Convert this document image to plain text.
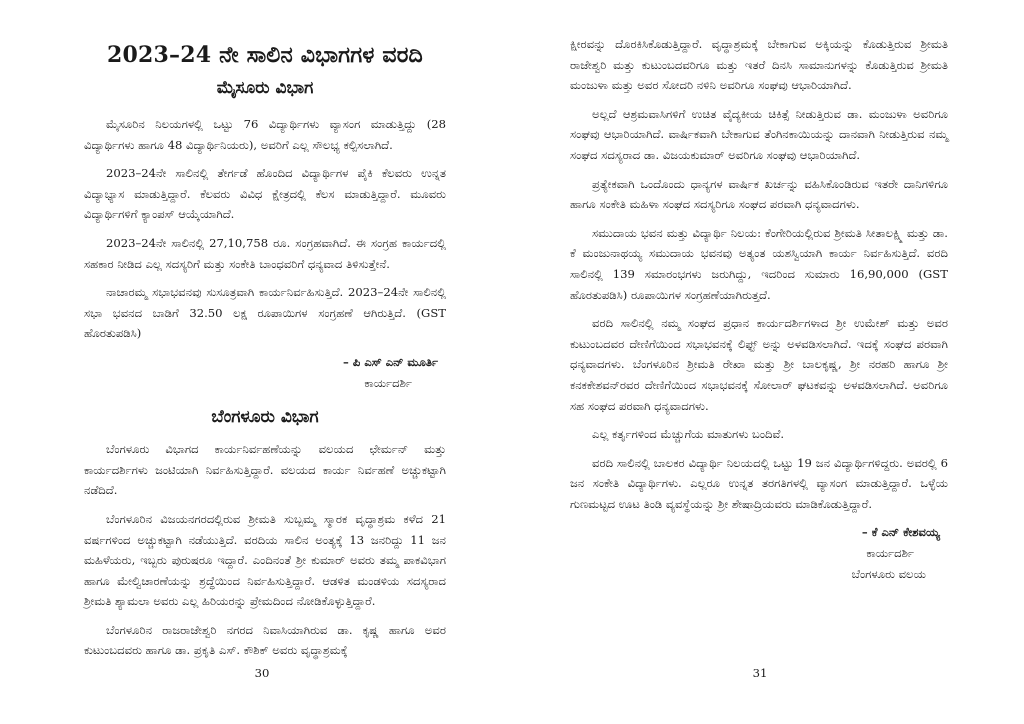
2023–24 ನೇ ಸಾಲಿನ ವಿಭಾಗಗಳ ವರದಿ
ಮೈಸೂರು ವಿಭಾಗ

ಮೈಸೂರಿನ ನಿಲಯಗಳಲ್ಲಿ ಒಟ್ಟು 76 ವಿದ್ಯಾರ್ಥಿಗಳು ವ್ಯಾಸಂಗ ಮಾಡುತ್ತಿದ್ದು (28 ವಿದ್ಯಾರ್ಥಿಗಳು ಹಾಗೂ 48 ವಿದ್ಯಾರ್ಥಿನಿಯರು), ಅವರಿಗೆ ಎಲ್ಲ ಸೌಲಭ್ಯ ಕಲ್ಪಿಸಲಾಗಿದೆ.

2023–24ನೇ ಸಾಲಿನಲ್ಲಿ ತೇರ್ಗಡೆ ಹೊಂದಿದ ವಿದ್ಯಾರ್ಥಿಗಳ ಪೈಕಿ ಕೆಲವರು ಉನ್ನತ ವಿದ್ಯಾಭ್ಯಾಸ ಮಾಡುತ್ತಿದ್ದಾರೆ. ಕೆಲವರು ವಿವಿಧ ಕ್ಷೇತ್ರದಲ್ಲಿ ಕೆಲಸ ಮಾಡುತ್ತಿದ್ದಾರೆ. ಮೂವರು ವಿದ್ಯಾರ್ಥಿಗಳಿಗೆ ಕ್ಯಾಂಪಸ್ ಆಯ್ಕೆಯಾಗಿದೆ.

2023–24ನೇ ಸಾಲಿನಲ್ಲಿ 27,10,758 ರೂ. ಸಂಗ್ರಹವಾಗಿದೆ. ಈ ಸಂಗ್ರಹ ಕಾರ್ಯದಲ್ಲಿ ಸಹಕಾರ ನೀಡಿದ ಎಲ್ಲ ಸದಸ್ಯರಿಗೆ ಮತ್ತು ಸಂಕೇತಿ ಬಾಂಧವರಿಗೆ ಧನ್ಯವಾದ ತಿಳಿಸುತ್ತೇನೆ.

ನಾಚಾರಮ್ಮ ಸಭಾಭವನವು ಸುಸೂತ್ರವಾಗಿ ಕಾರ್ಯನಿರ್ವಹಿಸುತ್ತಿದೆ. 2023–24ನೇ ಸಾಲಿನಲ್ಲಿ ಸಭಾ ಭವನದ ಬಾಡಿಗೆ 32.50 ಲಕ್ಷ ರೂಪಾಯಿಗಳ ಸಂಗ್ರಹಣೆ ಆಗಿರುತ್ತಿದೆ. (GST ಹೊರತುಪಡಿಸಿ)

– ಪಿ ಎಸ್ ಎನ್ ಮೂರ್ತಿ

ಕಾರ್ಯದರ್ಶಿ

ಬೆಂಗಳೂರು ವಿಭಾಗ

ಬೆಂಗಳೂರು ವಿಭಾಗದ ಕಾರ್ಯನಿರ್ವಹಣೆಯನ್ನು ವಲಯದ ಛೇರ್ಮನ್ ಮತ್ತು ಕಾರ್ಯದರ್ಶಿಗಳು ಜಂಟಿಯಾಗಿ ನಿರ್ವಹಿಸುತ್ತಿದ್ದಾರೆ. ವಲಯದ ಕಾರ್ಯ ನಿರ್ವಹಣೆ ಅಚ್ಚುಕಟ್ಟಾಗಿ ನಡೆದಿದೆ.

ಬೆಂಗಳೂರಿನ ವಿಜಯನಗರದಲ್ಲಿರುವ ಶ್ರೀಮತಿ ಸುಬ್ಬಮ್ಮ ಸ್ಮಾರಕ ವೃದ್ಧಾಶ್ರಮ ಕಳೆದ 21 ವರ್ಷಗಳಿಂದ ಅಚ್ಚುಕಟ್ಟಾಗಿ ನಡೆಯುತ್ತಿದೆ. ವರದಿಯ ಸಾಲಿನ ಅಂತ್ಯಕ್ಕೆ 13 ಜನರಿದ್ದು 11 ಜನ ಮಹಿಳೆಯರು, ಇಬ್ಬರು ಪುರುಷರೂ ಇದ್ದಾರೆ. ಎಂದಿನಂತೆ ಶ್ರೀ ಕುಮಾರ್ ಅವರು ತಮ್ಮ ಪಾಕವಿಭಾಗ ಹಾಗೂ ಮೇಲ್ವಿಚಾರಣೆಯನ್ನು ಶ್ರದ್ಧೆಯಿಂದ ನಿರ್ವಹಿಸುತ್ತಿದ್ದಾರೆ. ಆಡಳಿತ ಮಂಡಳಿಯ ಸದಸ್ಯರಾದ ಶ್ರೀಮತಿ ಶ್ಯಾಮಲಾ ಅವರು ಎಲ್ಲ ಹಿರಿಯರನ್ನು ಪ್ರೇಮದಿಂದ ನೋಡಿಕೊಳ್ಳುತ್ತಿದ್ದಾರೆ.

ಬೆಂಗಳೂರಿನ ರಾಜರಾಜೇಶ್ವರಿ ನಗರದ ನಿವಾಸಿಯಾಗಿರುವ ಡಾ. ಕೃಷ್ಣ ಹಾಗೂ ಅವರ ಕುಟುಂಬದವರು ಹಾಗೂ ಡಾ. ಪ್ರಕೃತಿ ಎಸ್. ಕೌಶಿಕ್ ಅವರು ವೃದ್ಧಾಶ್ರಮಕ್ಕೆ

30

ಕ್ಷೀರವನ್ನು ದೊರಕಿಸಿಕೊಡುತ್ತಿದ್ದಾರೆ. ವೃದ್ಧಾಶ್ರಮಕ್ಕೆ ಬೇಕಾಗುವ ಅಕ್ಕಿಯನ್ನು ಕೊಡುತ್ತಿರುವ ಶ್ರೀಮತಿ ರಾಜೇಶ್ವರಿ ಮತ್ತು ಕುಟುಂಬದವರಿಗೂ ಮತ್ತು ಇತರೆ ದಿನಸಿ ಸಾಮಾನುಗಳನ್ನು ಕೊಡುತ್ತಿರುವ ಶ್ರೀಮತಿ ಮಂಜುಳಾ ಮತ್ತು ಅವರ ಸೋದರಿ ನಳಿನಿ ಅವರಿಗೂ ಸಂಘವು ಆಭಾರಿಯಾಗಿದೆ.

ಅಲ್ಲದೆ ಆಶ್ರಮವಾಸಿಗಳಿಗೆ ಉಚಿತ ವೈದ್ಯಕೀಯ ಚಿಕಿತ್ಸೆ ನೀಡುತ್ತಿರುವ ಡಾ. ಮಂಜುಳಾ ಅವರಿಗೂ ಸಂಘವು ಆಭಾರಿಯಾಗಿದೆ. ವಾರ್ಷಿಕವಾಗಿ ಬೇಕಾಗುವ ತೆಂಗಿನಕಾಯಿಯನ್ನು ದಾನವಾಗಿ ನೀಡುತ್ತಿರುವ ನಮ್ಮ ಸಂಘದ ಸದಸ್ಯರಾದ ಡಾ. ವಿಜಯಕುಮಾರ್ ಅವರಿಗೂ ಸಂಘವು ಆಭಾರಿಯಾಗಿದೆ.

ಪ್ರತ್ಯೇಕವಾಗಿ ಒಂದೊಂದು ಧಾನ್ಯಗಳ ವಾರ್ಷಿಕ ಖರ್ಚನ್ನು ವಹಿಸಿಕೊಂಡಿರುವ ಇತರೇ ದಾನಿಗಳಿಗೂ ಹಾಗೂ ಸಂಕೇತಿ ಮಹಿಳಾ ಸಂಘದ ಸದಸ್ಯರಿಗೂ ಸಂಘದ ಪರವಾಗಿ ಧನ್ಯವಾದಗಳು.

ಸಮುದಾಯ ಭವನ ಮತ್ತು ವಿದ್ಯಾರ್ಥಿ ನಿಲಯ: ಕೆಂಗೇರಿಯಲ್ಲಿರುವ ಶ್ರೀಮತಿ ಸೀತಾಲಕ್ಷ್ಮಿ ಮತ್ತು ಡಾ. ಕೆ ಮಂಜುನಾಥಯ್ಯ ಸಮುದಾಯ ಭವನವು ಅತ್ಯಂತ ಯಶಸ್ವಿಯಾಗಿ ಕಾರ್ಯ ನಿರ್ವಹಿಸುತ್ತಿದೆ. ವರದಿ ಸಾಲಿನಲ್ಲಿ 139 ಸಮಾರಂಭಗಳು ಜರುಗಿದ್ದು, ಇದರಿಂದ ಸುಮಾರು 16,90,000 (GST ಹೊರತುಪಡಿಸಿ) ರೂಪಾಯಿಗಳ ಸಂಗ್ರಹಣೆಯಾಗಿರುತ್ತದೆ.

ವರದಿ ಸಾಲಿನಲ್ಲಿ ನಮ್ಮ ಸಂಘದ ಪ್ರಧಾನ ಕಾರ್ಯದರ್ಶಿಗಳಾದ ಶ್ರೀ ಉಮೇಶ್ ಮತ್ತು ಅವರ ಕುಟುಂಬದವರ ದೇಣಿಗೆಯಿಂದ ಸಭಾಭವನಕ್ಕೆ ಲಿಫ್ಟ್ ಅನ್ನು ಅಳವಡಿಸಲಾಗಿದೆ. ಇದಕ್ಕೆ ಸಂಘದ ಪರವಾಗಿ ಧನ್ಯವಾದಗಳು. ಬೆಂಗಳೂರಿನ ಶ್ರೀಮತಿ ರೇಖಾ ಮತ್ತು ಶ್ರೀ ಬಾಲಕೃಷ್ಣ, ಶ್ರೀ ನರಹರಿ ಹಾಗೂ ಶ್ರೀ ಕನಕಕೇಶವನ್‌ರವರ ದೇಣಿಗೆಯಿಂದ ಸಭಾಭವನಕ್ಕೆ ಸೋಲಾರ್ ಘಟಕವನ್ನು ಅಳವಡಿಸಲಾಗಿದೆ. ಅವರಿಗೂ ಸಹ ಸಂಘದ ಪರವಾಗಿ ಧನ್ಯವಾದಗಳು.

ಎಲ್ಲ ಕರ್ತೃಗಳಿಂದ ಮೆಚ್ಚುಗೆಯ ಮಾತುಗಳು ಬಂದಿವೆ.

ವರದಿ ಸಾಲಿನಲ್ಲಿ ಬಾಲಕರ ವಿದ್ಯಾರ್ಥಿ ನಿಲಯದಲ್ಲಿ ಒಟ್ಟು 19 ಜನ ವಿದ್ಯಾರ್ಥಿಗಳಿದ್ದರು. ಅವರಲ್ಲಿ 6 ಜನ ಸಂಕೇತಿ ವಿದ್ಯಾರ್ಥಿಗಳು. ಎಲ್ಲರೂ ಉನ್ನತ ತರಗತಿಗಳಲ್ಲಿ ವ್ಯಾಸಂಗ ಮಾಡುತ್ತಿದ್ದಾರೆ. ಒಳ್ಳೆಯ ಗುಣಮಟ್ಟದ ಊಟ ತಿಂಡಿ ವ್ಯವಸ್ಥೆಯನ್ನು ಶ್ರೀ ಶೇಷಾದ್ರಿಯವರು ಮಾಡಿಕೊಡುತ್ತಿದ್ದಾರೆ.

– ಕೆ ಎನ್ ಕೇಶವಯ್ಯ

ಕಾರ್ಯದರ್ಶಿ

ಬೆಂಗಳೂರು ವಲಯ

31
